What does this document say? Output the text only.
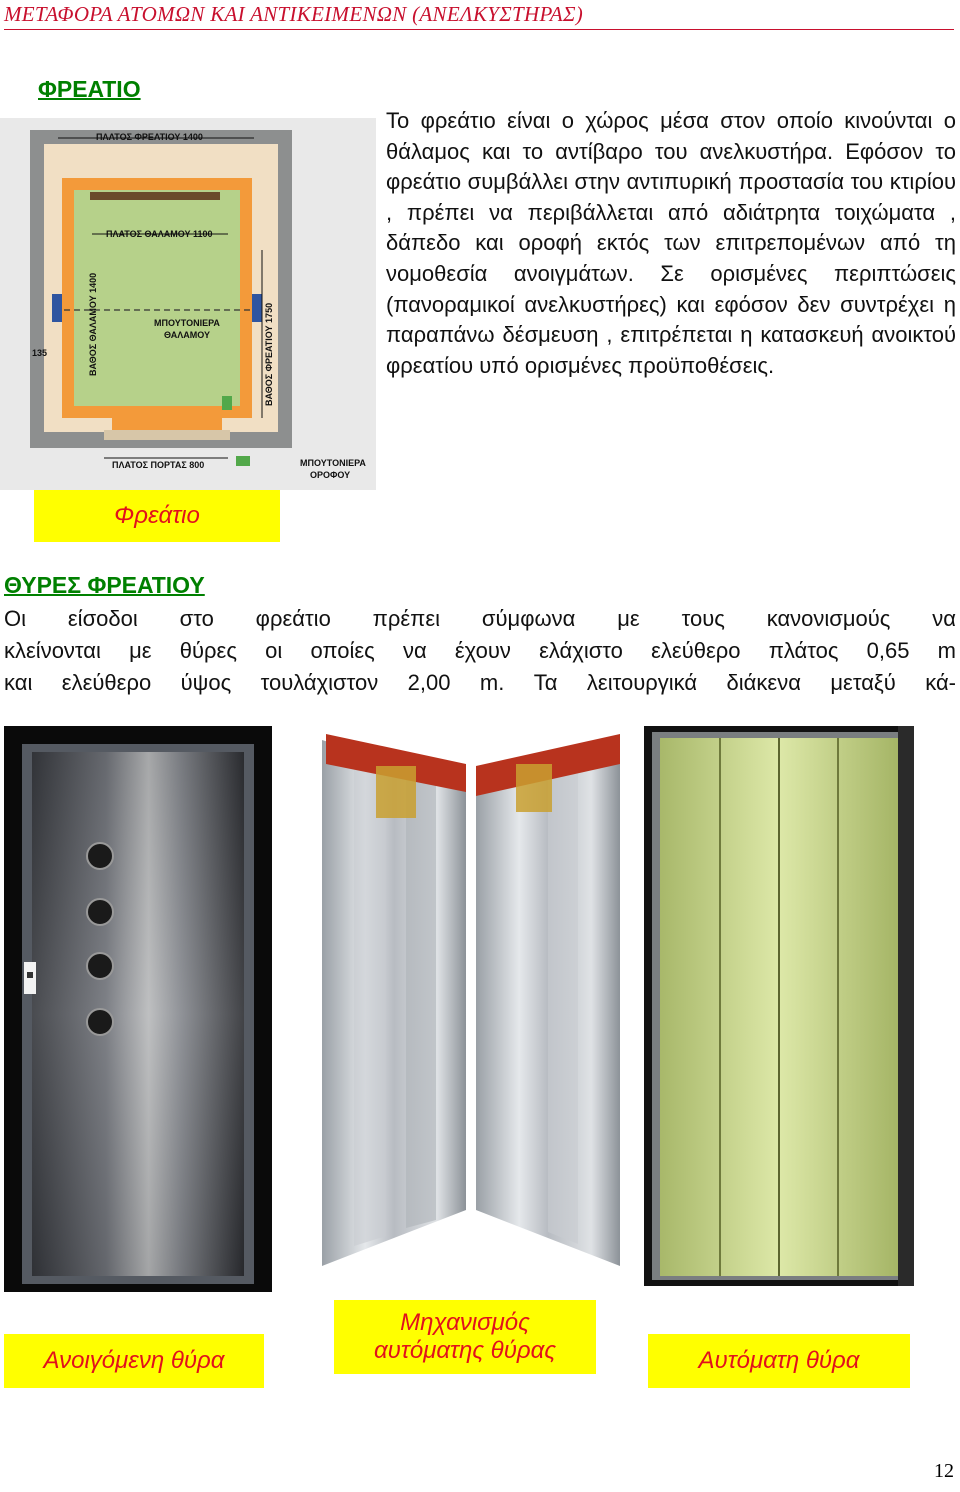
ΜΕΤΑΦΟΡΑ ΑΤΟΜΩΝ ΚΑΙ ΑΝΤΙΚΕΙΜΕΝΩΝ (ΑΝΕΛΚΥΣΤΗΡΑΣ)
ΦΡΕΑΤΙΟ
ΠΛΑΤΟΣ ΦΡΕΑΤΙΟΥ 1400
ΠΛΑΤΟΣ ΘΑΛΑΜΟΥ 1100
ΒΑΘΟΣ ΘΑΛΑΜΟΥ 1400	ΒΑΘΟΣ ΦΡΕΑΤΙΟΥ 1750
ΜΠΟΥΤΟΝΙΕΡΑ
ΘΑΛΑΜΟΥ
ΠΛΑΤΟΣ ΠΟΡΤΑΣ 800	ΜΠΟΥΤΟΝΙΕΡΑ
ΟΡΟΦΟΥ
135
Φρεάτιο
Το φρεάτιο είναι ο χώρος μέσα στον οποίο κινούνται ο θάλαμος και το αντίβαρο του ανελκυστήρα. Εφόσον το φρεάτιο συμβάλλει στην αντιπυρική προστασία του κτιρίου , πρέπει να περιβάλλεται από αδιάτρητα τοιχώματα , δάπεδο και οροφή εκτός των επιτρεπομένων από τη νομοθεσία ανοιγμάτων. Σε ορισμένες περιπτώσεις (πανοραμικοί ανελκυστήρες) και εφόσον δεν συντρέχει η παραπάνω δέσμευση , επιτρέπεται η κατασκευή ανοικτού φρεατίου υπό ορισμένες προϋποθέσεις.
ΘΥΡΕΣ ΦΡΕΑΤΙΟΥ
Οι είσοδοι στο φρεάτιο πρέπει σύμφωνα με τους κανονισμούς να
κλείνονται με θύρες οι οποίες να έχουν ελάχιστο ελεύθερο πλάτος 0,65 m
και ελεύθερο ύψος τουλάχιστον 2,00 m. Τα λειτουργικά διάκενα μεταξύ κά-
Ανοιγόμενη θύρα
Μηχανισμός
αυτόματης θύρας	Αυτόματη θύρα
12
